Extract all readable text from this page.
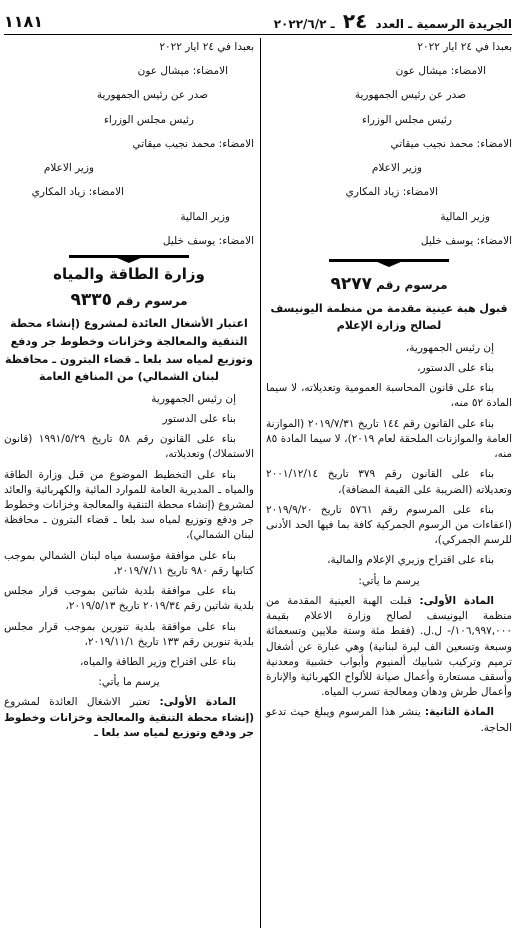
الجريدة الرسمية ـ العدد ٢٤ ـ ٢٠٢٢/٦/٢
١١٨١
بعبدا في ٢٤ ايار ٢٠٢٢
الامضاء: ميشال عون
صدر عن رئيس الجمهورية
رئيس مجلس الوزراء
الامضاء: محمد نجيب ميقاتي
وزير الاعلام
الامضاء: زياد المكاري
وزير المالية
الامضاء: يوسف خليل
مرسوم رقم ٩٢٧٧
قبول هبة عينية مقدمة من منظمة اليونيسف لصالح وزارة الإعلام
إن رئيس الجمهورية،
بناء على الدستور،
بناء على قانون المحاسبة العمومية وتعديلاته، لا سيما المادة ٥٢ منه،
بناء على القانون رقم ١٤٤ تاريخ ٢٠١٩/٧/٣١ (الموازنة العامة والموازنات الملحقة لعام ٢٠١٩)، لا سيما المادة ٨٥ منه،
بناء على القانون رقم ٣٧٩ تاريخ ٢٠٠١/١٢/١٤ وتعديلاته (الضريبة على القيمة المضافة)،
بناء على المرسوم رقم ٥٧٦١ تاريخ ٢٠١٩/٩/٢٠ (اعفاءات من الرسوم الجمركية كافة بما فيها الحد الأدنى للرسم الجمركي)،
بناء على اقتراح وزيري الإعلام والمالية،
يرسم ما يأتي:
المادة الأولى: قبلت الهبة العينية المقدمة من منظمة اليونيسف لصالح وزارة الاعلام بقيمة ١٠٦,٩٩٧,٠٠٠/- ل.ل. (فقط مئة وستة ملايين وتسعمائة وسبعة وتسعين الف ليرة لبنانية) وهي عبارة عن أشغال ترميم وتركيب شبابيك ألمنيوم وأبواب خشبية ومعدنية وأسقف مستعارة وأعمال صيانة للألواح الكهربائية والإنارة وأعمال طرش ودهان ومعالجة تسرب المياه.
المادة الثانية: ينشر هذا المرسوم ويبلغ حيث تدعو الحاجة.
بعبدا في ٢٤ ايار ٢٠٢٢
الامضاء: ميشال عون
صدر عن رئيس الجمهورية
رئيس مجلس الوزراء
الامضاء: محمد نجيب ميقاتي
وزير الاعلام
الامضاء: زياد المكاري
وزير المالية
الامضاء: يوسف خليل
وزارة الطاقة والمياه
مرسوم رقم ٩٣٣٥
اعتبار الأشغال العائدة لمشروع (إنشاء محطة التنقية والمعالجة وخزانات وخطوط جر ودفع وتوزيع لمياه سد بلعا ـ قضاء البترون ـ محافظة لبنان الشمالي) من المنافع العامة
إن رئيس الجمهورية
بناء على الدستور
بناء على القانون رقم ٥٨ تاريخ ١٩٩١/٥/٢٩ (قانون الاستملاك) وتعديلاته،
بناء على التخطيط الموضوع من قبل وزارة الطاقة والمياه ـ المديرية العامة للموارد المائية والكهربائية والعائد لمشروع (إنشاء محطة التنقية والمعالجة وخزانات وخطوط جر ودفع وتوزيع لمياه سد بلعا ـ قضاء البترون ـ محافظة لبنان الشمالي)،
بناء على موافقة مؤسسة مياه لبنان الشمالي بموجب كتابها رقم ٩٨٠ تاريخ ٢٠١٩/٧/١١،
بناء على موافقة بلدية شاتين بموجب قرار مجلس بلدية شاتين رقم ٢٠١٩/٣٤ تاريخ ٢٠١٩/٥/١٣،
بناء على موافقة بلدية تنورين بموجب قرار مجلس بلدية تنورين رقم ١٣٣ تاريخ ٢٠١٩/١١/١،
بناء على اقتراح وزير الطاقة والمياه،
يرسم ما يأتي:
المادة الأولى: تعتبر الاشغال العائدة لمشروع (إنشاء محطة التنقية والمعالجة وخزانات وخطوط جر ودفع وتوزيع لمياه سد بلعا ـ
